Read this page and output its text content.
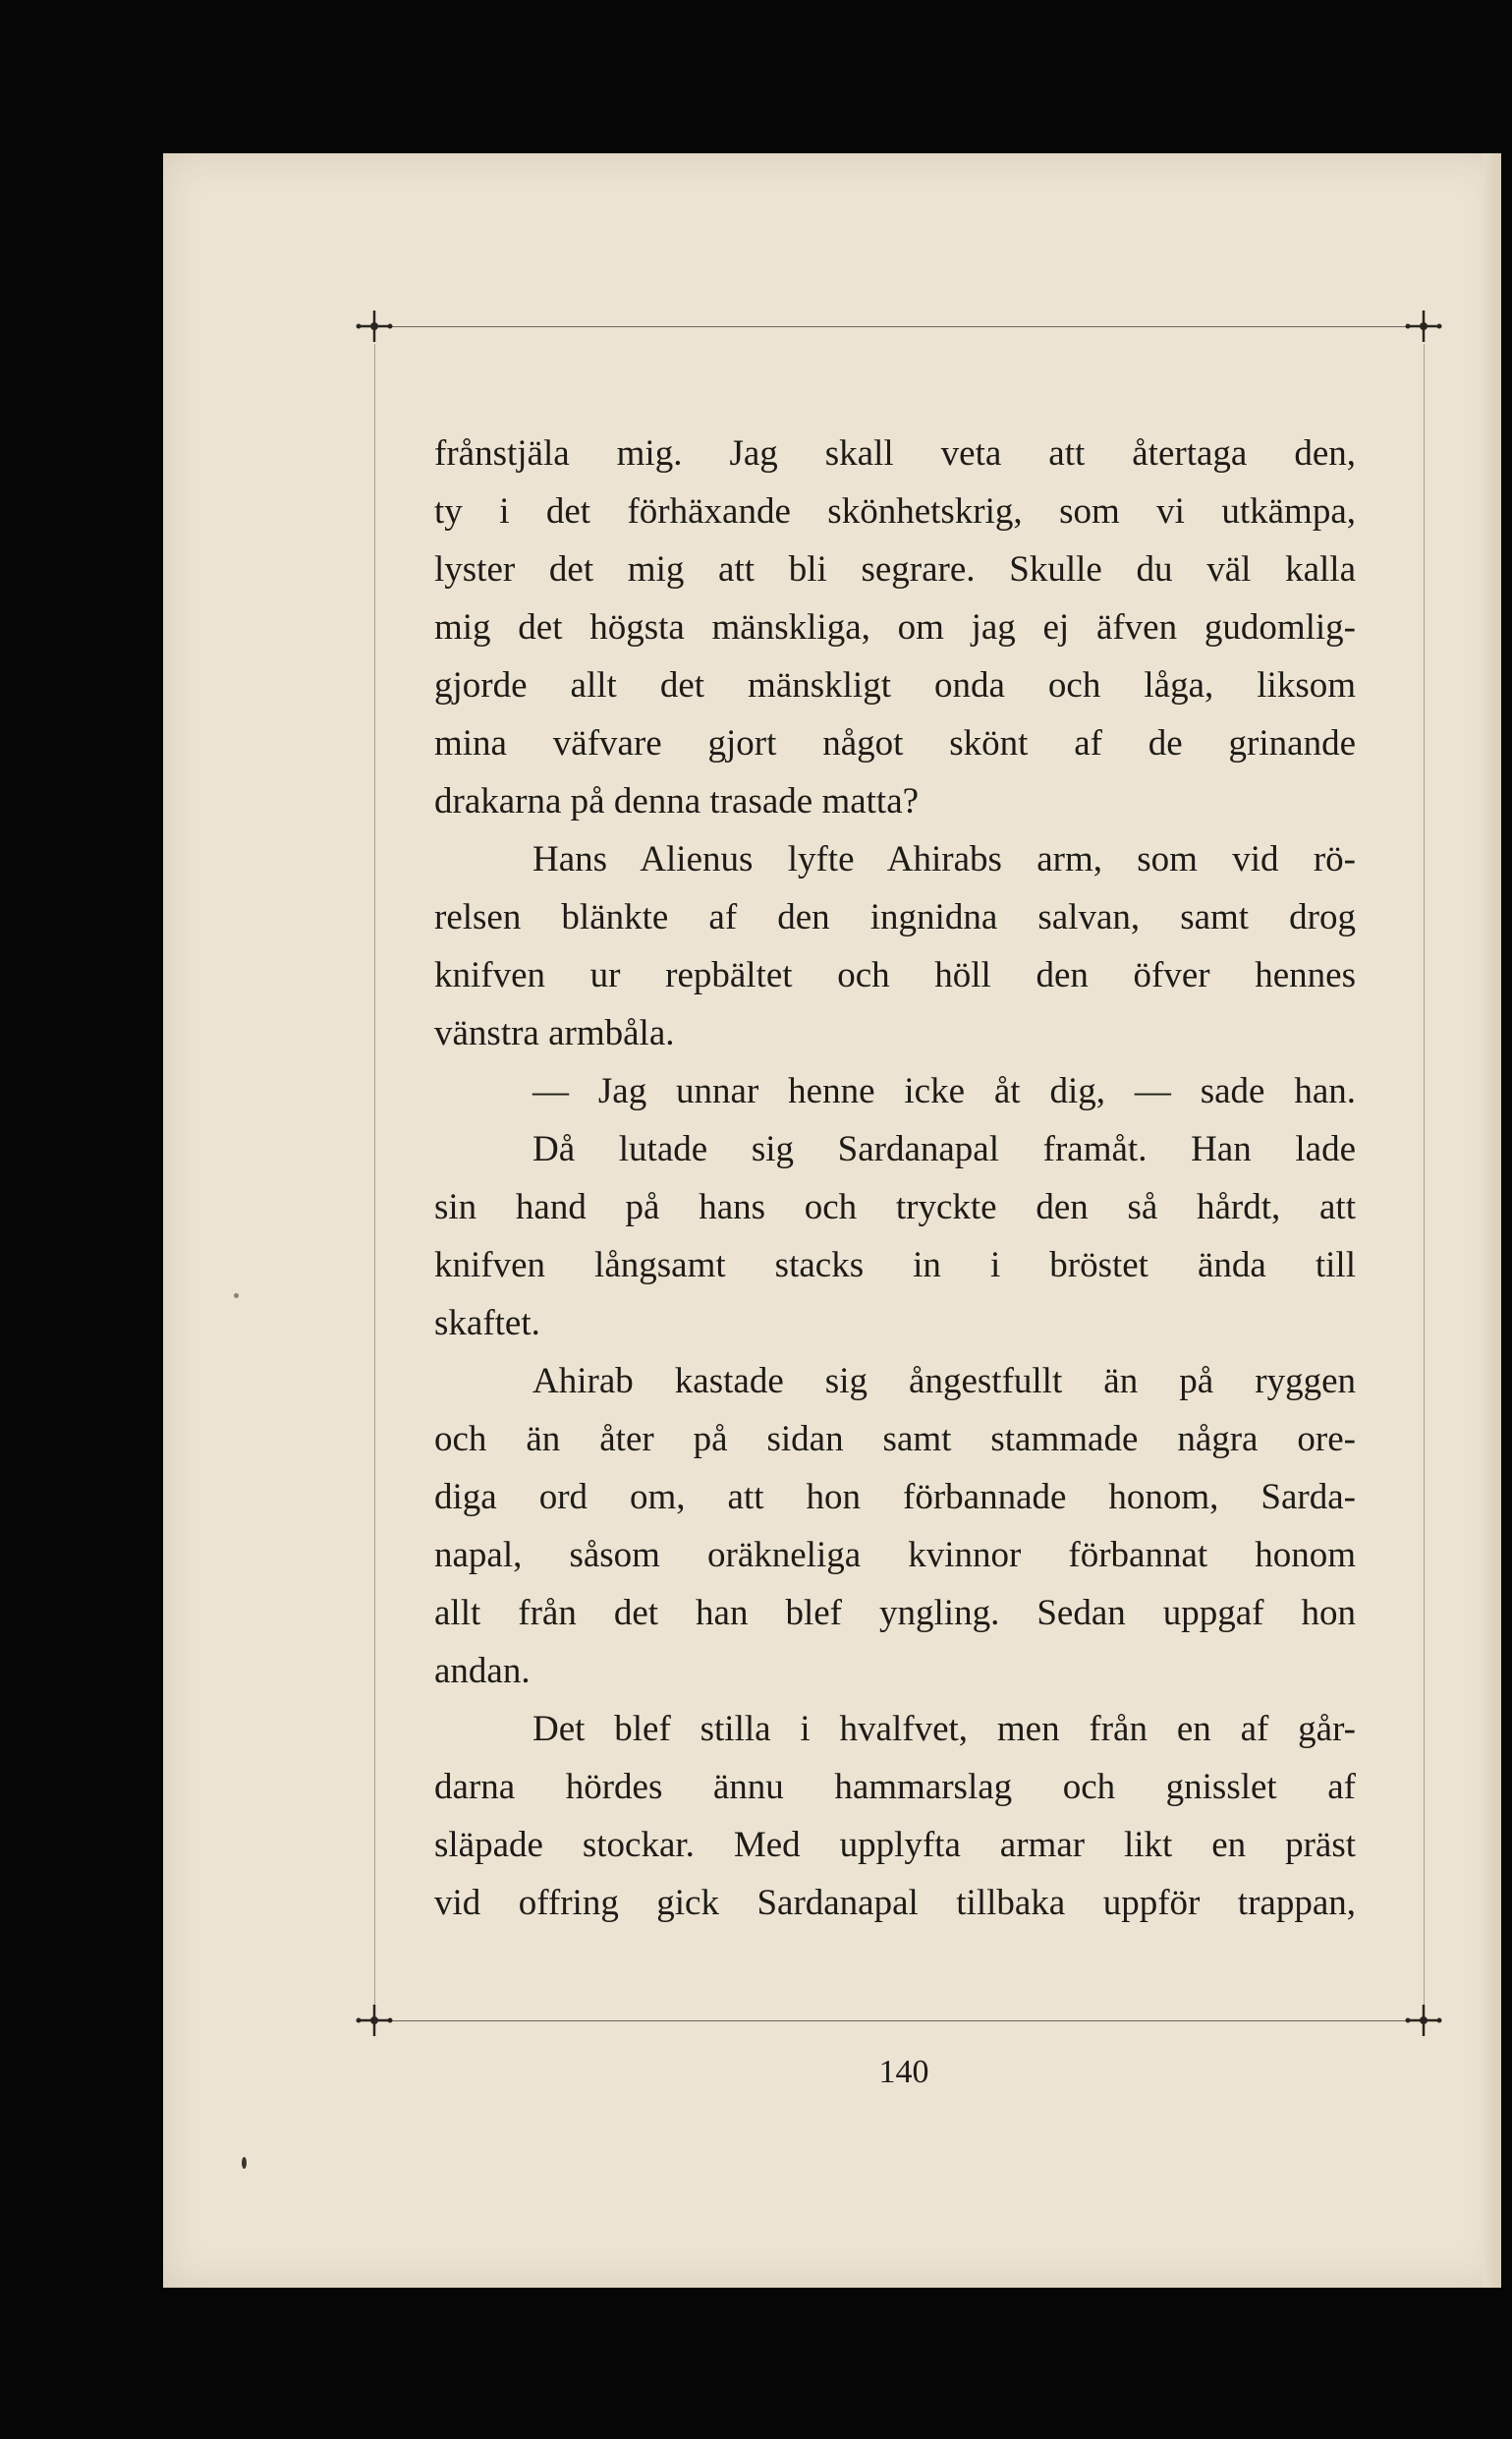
frånstjäla mig. Jag skall veta att återtaga den,
ty i det förhäxande skönhetskrig, som vi utkämpa,
lyster det mig att bli segrare. Skulle du väl kalla
mig det högsta mänskliga, om jag ej äfven gudomlig-
gjorde allt det mänskligt onda och låga, liksom
mina väfvare gjort något skönt af de grinande
drakarna på denna trasade matta?
Hans Alienus lyfte Ahirabs arm, som vid rö-
relsen blänkte af den ingnidna salvan, samt drog
knifven ur repbältet och höll den öfver hennes
vänstra armbåla.
— Jag unnar henne icke åt dig, — sade han.
Då lutade sig Sardanapal framåt. Han lade
sin hand på hans och tryckte den så hårdt, att
knifven långsamt stacks in i bröstet ända till
skaftet.
Ahirab kastade sig ångestfullt än på ryggen
och än åter på sidan samt stammade några ore-
diga ord om, att hon förbannade honom, Sarda-
napal, såsom oräkneliga kvinnor förbannat honom
allt från det han blef yngling. Sedan uppgaf hon
andan.
Det blef stilla i hvalfvet, men från en af går-
darna hördes ännu hammarslag och gnisslet af
släpade stockar. Med upplyfta armar likt en präst
vid offring gick Sardanapal tillbaka uppför trappan,
140
